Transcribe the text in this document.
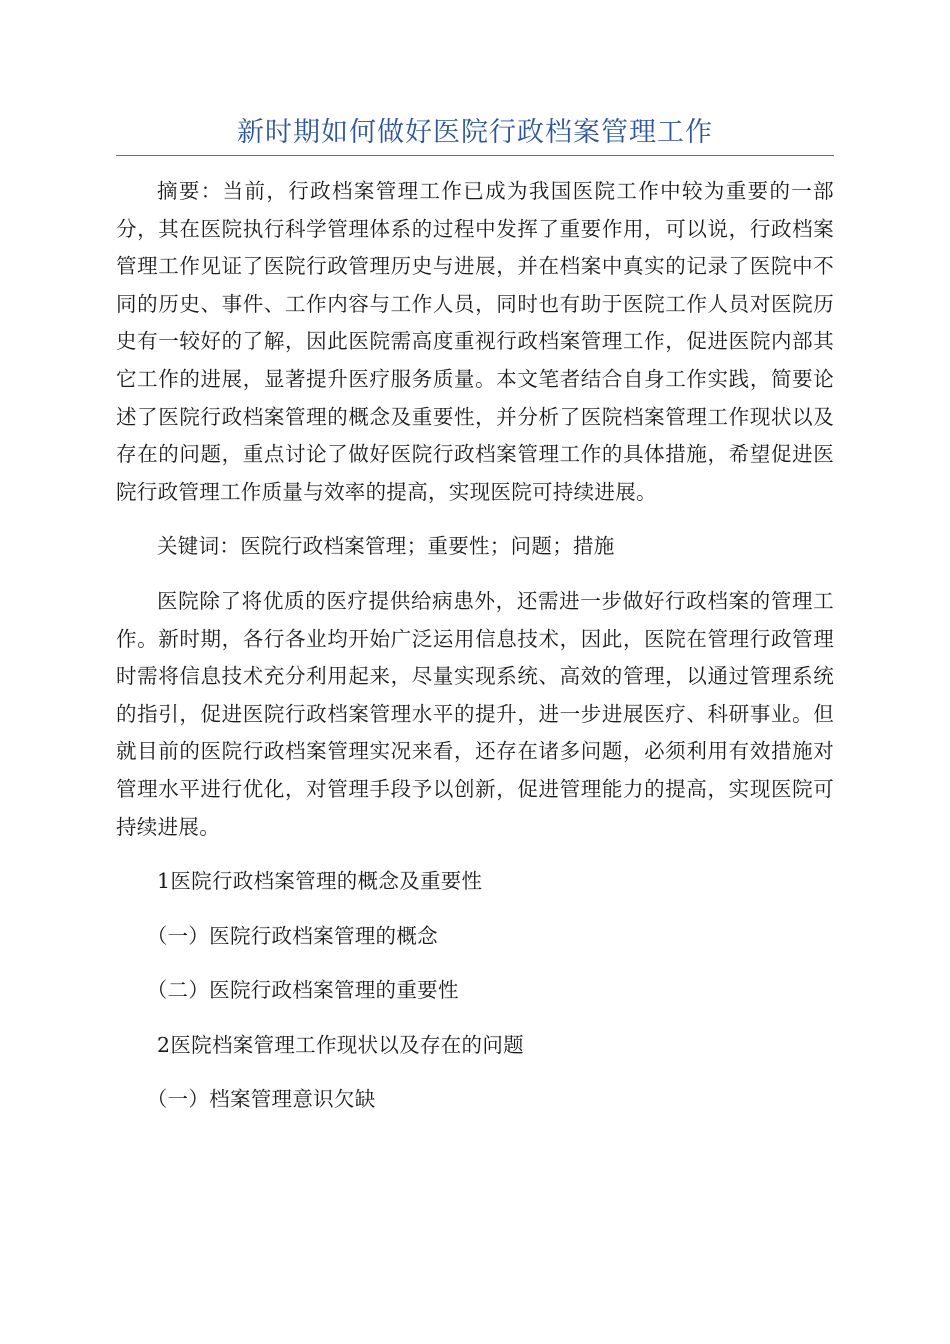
新时期如何做好医院行政档案管理工作

摘要：当前，行政档案管理工作已成为我国医院工作中较为重要的一部分，其在医院执行科学管理体系的过程中发挥了重要作用，可以说，行政档案管理工作见证了医院行政管理历史与进展，并在档案中真实的记录了医院中不同的历史、事件、工作内容与工作人员，同时也有助于医院工作人员对医院历史有一较好的了解，因此医院需高度重视行政档案管理工作，促进医院内部其它工作的进展，显著提升医疗服务质量。本文笔者结合自身工作实践，简要论述了医院行政档案管理的概念及重要性，并分析了医院档案管理工作现状以及存在的问题，重点讨论了做好医院行政档案管理工作的具体措施，希望促进医院行政管理工作质量与效率的提高，实现医院可持续进展。

关键词：医院行政档案管理；重要性；问题；措施

医院除了将优质的医疗提供给病患外，还需进一步做好行政档案的管理工作。新时期，各行各业均开始广泛运用信息技术，因此，医院在管理行政管理时需将信息技术充分利用起来，尽量实现系统、高效的管理，以通过管理系统的指引，促进医院行政档案管理水平的提升，进一步进展医疗、科研事业。但就目前的医院行政档案管理实况来看，还存在诸多问题，必须利用有效措施对管理水平进行优化，对管理手段予以创新，促进管理能力的提高，实现医院可持续进展。

1医院行政档案管理的概念及重要性

（一）医院行政档案管理的概念

（二）医院行政档案管理的重要性

2医院档案管理工作现状以及存在的问题

（一）档案管理意识欠缺
